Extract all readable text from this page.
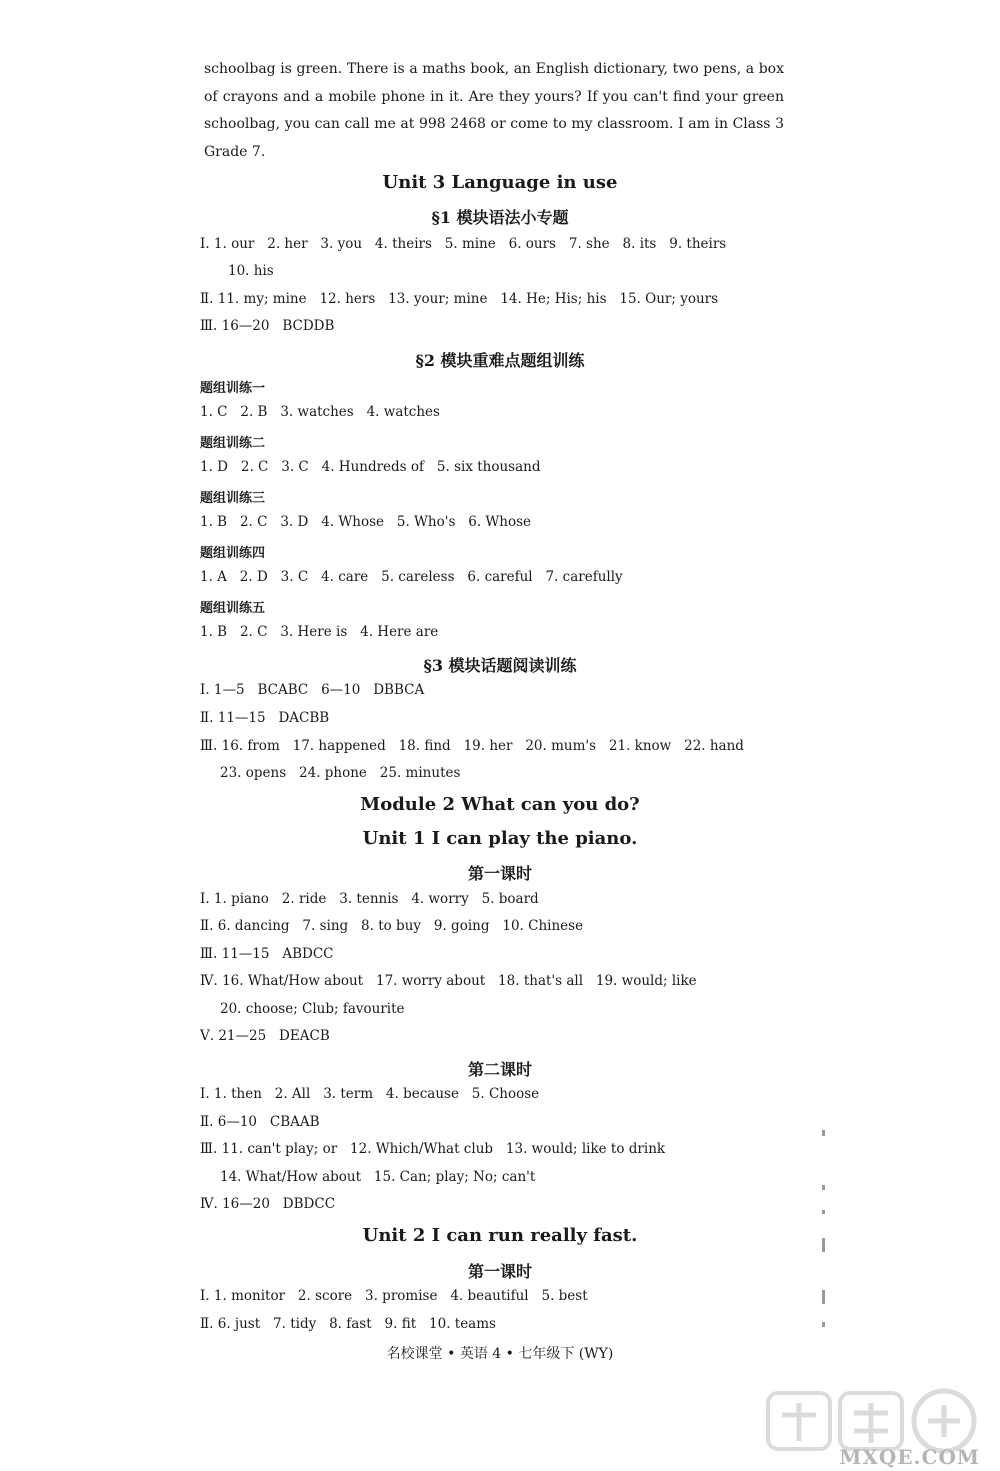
schoolbag is green. There is a maths book, an English dictionary, two pens, a box of crayons and a mobile phone in it. Are they yours? If you can't find your green schoolbag, you can call me at 998 2468 or come to my classroom. I am in Class 3 Grade 7.
Unit 3 Language in use
§1 模块语法小专题
Ⅰ. 1. our   2. her   3. you   4. theirs   5. mine   6. ours   7. she   8. its   9. theirs
10. his
Ⅱ. 11. my; mine   12. hers   13. your; mine   14. He; His; his   15. Our; yours
Ⅲ. 16—20   BCDDB
§2 模块重难点题组训练
题组训练一
1. C   2. B   3. watches   4. watches
题组训练二
1. D   2. C   3. C   4. Hundreds of   5. six thousand
题组训练三
1. B   2. C   3. D   4. Whose   5. Who's   6. Whose
题组训练四
1. A   2. D   3. C   4. care   5. careless   6. careful   7. carefully
题组训练五
1. B   2. C   3. Here is   4. Here are
§3 模块话题阅读训练
Ⅰ. 1—5   BCABC   6—10   DBBCA
Ⅱ. 11—15   DACBB
Ⅲ. 16. from   17. happened   18. find   19. her   20. mum's   21. know   22. hand
23. opens   24. phone   25. minutes
Module 2 What can you do?
Unit 1 I can play the piano.
第一课时
Ⅰ. 1. piano   2. ride   3. tennis   4. worry   5. board
Ⅱ. 6. dancing   7. sing   8. to buy   9. going   10. Chinese
Ⅲ. 11—15   ABDCC
Ⅳ. 16. What/How about   17. worry about   18. that's all   19. would; like
20. choose; Club; favourite
Ⅴ. 21—25   DEACB
第二课时
Ⅰ. 1. then   2. All   3. term   4. because   5. Choose
Ⅱ. 6—10   CBAAB
Ⅲ. 11. can't play; or   12. Which/What club   13. would; like to drink
14. What/How about   15. Can; play; No; can't
Ⅳ. 16—20   DBDCC
Unit 2 I can run really fast.
第一课时
Ⅰ. 1. monitor   2. score   3. promise   4. beautiful   5. best
Ⅱ. 6. just   7. tidy   8. fast   9. fit   10. teams
名校课堂 • 英语 4 • 七年级下 (WY)
MXQE.COM
